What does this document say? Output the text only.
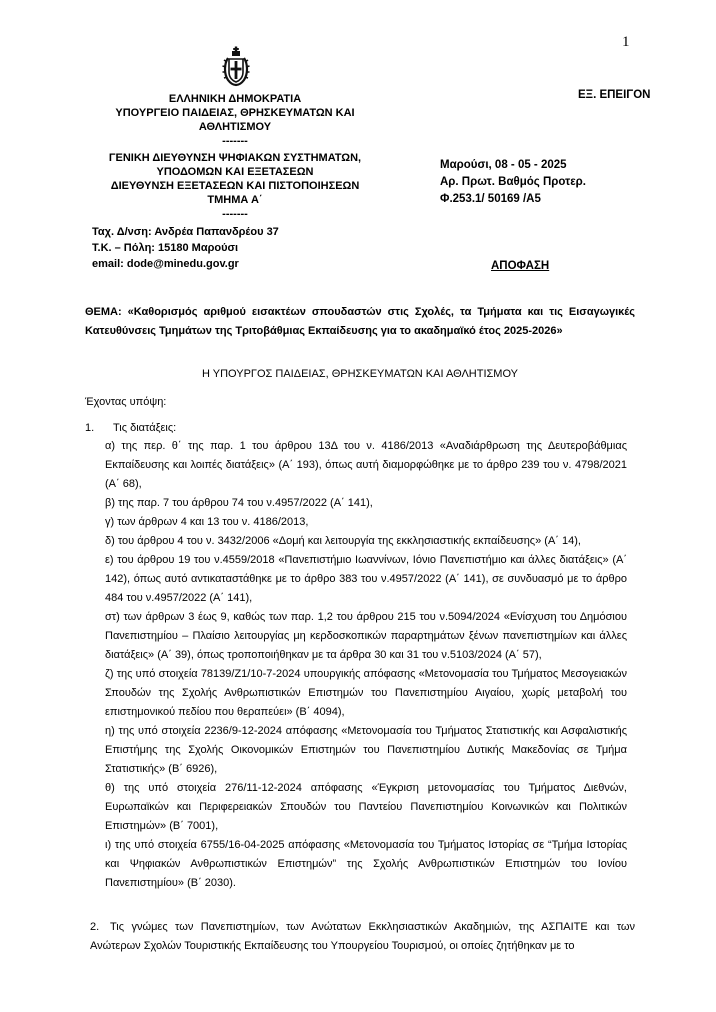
1
ΕΛΛΗΝΙΚΗ ΔΗΜΟΚΡΑΤΙΑ
ΥΠΟΥΡΓΕΙΟ ΠΑΙΔΕΙΑΣ, ΘΡΗΣΚΕΥΜΑΤΩΝ ΚΑΙ
ΑΘΛΗΤΙΣΜΟΥ
-------
ΓΕΝΙΚΗ ΔΙΕΥΘΥΝΣΗ ΨΗΦΙΑΚΩΝ ΣΥΣΤΗΜΑΤΩΝ,
ΥΠΟΔΟΜΩΝ ΚΑΙ ΕΞΕΤΑΣΕΩΝ
ΔΙΕΥΘΥΝΣΗ ΕΞΕΤΑΣΕΩΝ ΚΑΙ ΠΙΣΤΟΠΟΙΗΣΕΩΝ
ΤΜΗΜΑ Α΄
-------
ΕΞ. ΕΠΕΙΓΟΝ
Μαρούσι, 08 - 05 - 2025
Αρ. Πρωτ. Βαθμός Προτερ.
Φ.253.1/ 50169 /Α5
Ταχ. Δ/νση: Ανδρέα Παπανδρέου 37
Τ.Κ. – Πόλη: 15180 Μαρούσι
email: dode@minedu.gov.gr	ΑΠΟΦΑΣΗ
ΘΕΜΑ: «Καθορισμός αριθμού εισακτέων σπουδαστών στις Σχολές, τα Τμήματα και τις Εισαγωγικές Κατευθύνσεις Τμημάτων της Τριτοβάθμιας Εκπαίδευσης για το ακαδημαϊκό έτος 2025-2026»
Η ΥΠΟΥΡΓΟΣ ΠΑΙΔΕΙΑΣ, ΘΡΗΣΚΕΥΜΑΤΩΝ ΚΑΙ ΑΘΛΗΤΙΣΜΟΥ
Έχοντας υπόψη:
1.	Τις διατάξεις:
α) της περ. θ΄ της παρ. 1 του άρθρου 13Δ του ν. 4186/2013 «Αναδιάρθρωση της Δευτεροβάθμιας Εκπαίδευσης και λοιπές διατάξεις» (Α΄ 193), όπως αυτή διαμορφώθηκε με το άρθρο 239 του ν. 4798/2021 (Α΄ 68),
β) της παρ. 7 του άρθρου 74 του ν.4957/2022 (Α΄ 141),
γ) των άρθρων 4 και 13 του ν. 4186/2013,
δ) του άρθρου 4 του ν. 3432/2006 «Δομή και λειτουργία της εκκλησιαστικής εκπαίδευσης» (Α΄ 14),
ε) του άρθρου 19 του ν.4559/2018 «Πανεπιστήμιο Ιωαννίνων, Ιόνιο Πανεπιστήμιο και άλλες διατάξεις» (Α΄ 142), όπως αυτό αντικαταστάθηκε με το άρθρο 383 του ν.4957/2022 (Α΄ 141), σε συνδυασμό με το άρθρο 484 του ν.4957/2022 (Α΄ 141),
στ) των άρθρων 3 έως 9, καθώς των παρ. 1,2 του άρθρου 215 του ν.5094/2024 «Ενίσχυση του Δημόσιου Πανεπιστημίου – Πλαίσιο λειτουργίας μη κερδοσκοπικών παραρτημάτων ξένων πανεπιστημίων και άλλες διατάξεις» (Α΄ 39), όπως τροποποιήθηκαν με τα άρθρα 30 και 31 του ν.5103/2024 (Α΄ 57),
ζ) της υπό στοιχεία 78139/Ζ1/10-7-2024 υπουργικής απόφασης «Μετονομασία του Τμήματος Μεσογειακών Σπουδών της Σχολής Ανθρωπιστικών Επιστημών του Πανεπιστημίου Αιγαίου, χωρίς μεταβολή του επιστημονικού πεδίου που θεραπεύει» (Β΄ 4094),
η) της υπό στοιχεία 2236/9-12-2024 απόφασης «Μετονομασία του Τμήματος Στατιστικής και Ασφαλιστικής Επιστήμης της Σχολής Οικονομικών Επιστημών του Πανεπιστημίου Δυτικής Μακεδονίας σε Τμήμα Στατιστικής» (Β΄ 6926),
θ) της υπό στοιχεία 276/11-12-2024 απόφασης «Έγκριση μετονομασίας του Τμήματος Διεθνών, Ευρωπαϊκών και Περιφερειακών Σπουδών του Παντείου Πανεπιστημίου Κοινωνικών και Πολιτικών Επιστημών» (Β΄ 7001),
ι) της υπό στοιχεία 6755/16-04-2025 απόφασης «Μετονομασία του Τμήματος Ιστορίας σε “Τμήμα Ιστορίας και Ψηφιακών Ανθρωπιστικών Επιστημών” της Σχολής Ανθρωπιστικών Επιστημών του Ιονίου Πανεπιστημίου» (Β΄ 2030).
2. Τις γνώμες των Πανεπιστημίων, των Ανώτατων Εκκλησιαστικών Ακαδημιών, της ΑΣΠΑΙΤΕ και των Ανώτερων Σχολών Τουριστικής Εκπαίδευσης του Υπουργείου Τουρισμού, οι οποίες ζητήθηκαν με το
